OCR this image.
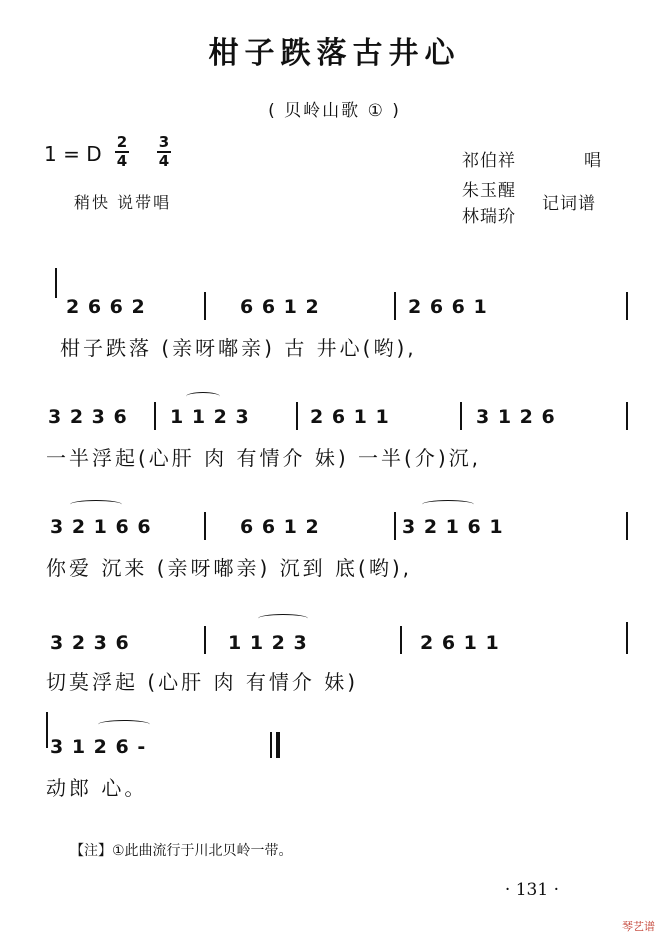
柑子跌落古井心
( 贝岭山歌 ① )
1 = D 2
4
3
4
稍快 说带唱
祁伯祥	唱
朱玉醒
林瑞玠
记词谱
2 6 6 2	6 6 1 2	2 6 6 1
柑子跌落 (亲呀嘟亲) 古 井心(哟),
3 2 3 6 1 1 2 3	2 6 1 1	3 1 2 6
一半浮起(心肝 肉 有情介 妹) 一半(介)沉,
3 2 1 6 6	6 6 1 2	3 2 1 6 1
你爱 沉来 (亲呀嘟亲) 沉到 底(哟),
3 2 3 6	1 1 2 3	2 6 1 1
切莫浮起 (心肝 肉 有情介 妹)
3 1 2 6 -
动郎 心。
【注】①此曲流行于川北贝岭一带。
· 131 ·
琴艺谱
